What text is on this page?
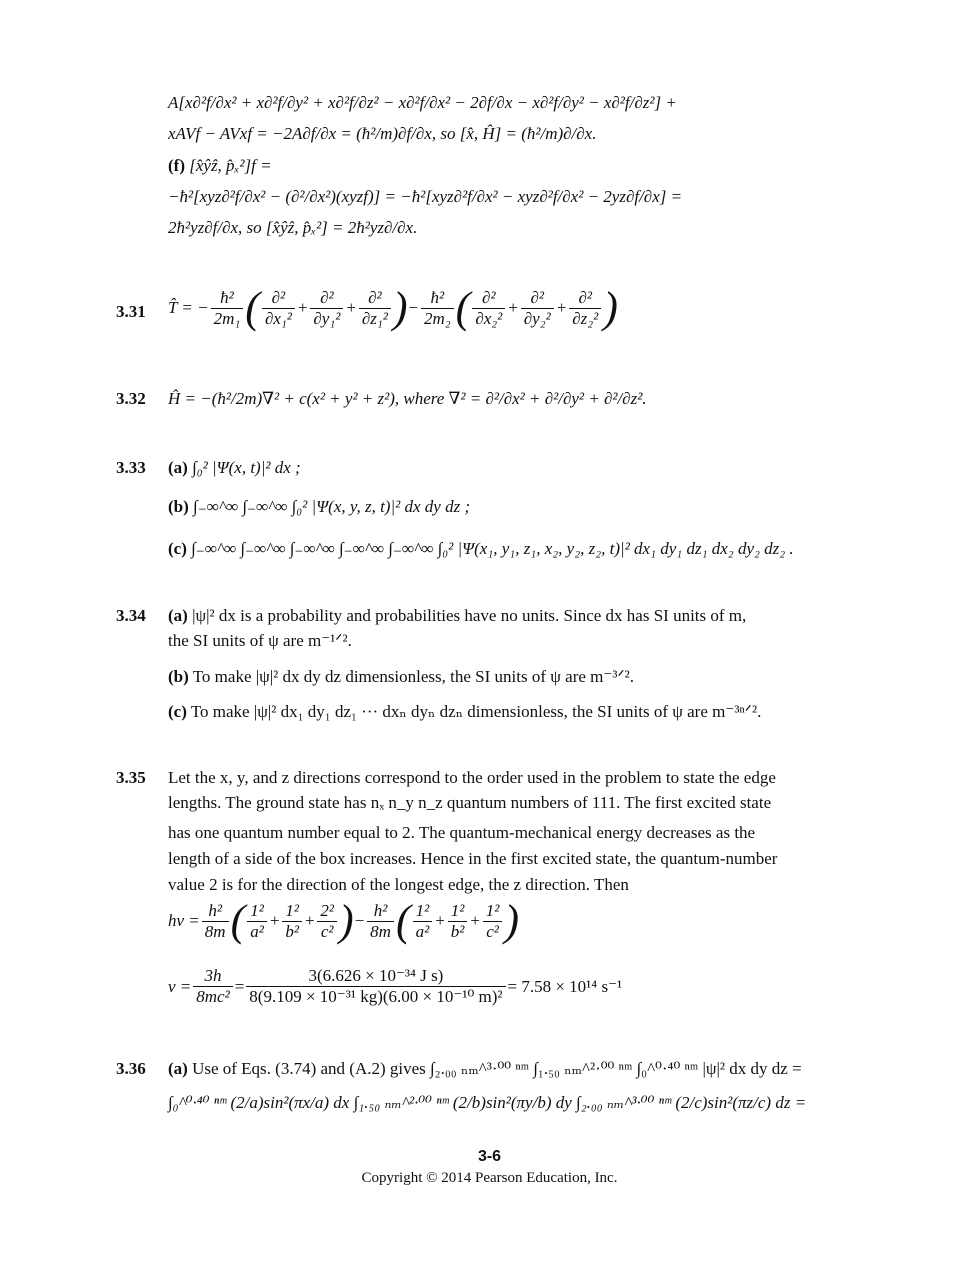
A[x∂²f/∂x² + x∂²f/∂y² + x∂²f/∂z² − x∂²f/∂x² − 2∂f/∂x − x∂²f/∂y² − x∂²f/∂z²] +
xAVf − AVxf = −2A∂f/∂x = (ħ²/m)∂f/∂x, so [x̂, Ĥ] = (ħ²/m)∂/∂x.
(f) [x̂ŷẑ, p̂ₓ²]f =
−ħ²[xyz∂²f/∂x² − (∂²/∂x²)(xyzf)] = −ħ²[xyz∂²f/∂x² − xyz∂²f/∂x² − 2yz∂f/∂x] =
2ħ²yz∂f/∂x, so [x̂ŷẑ, p̂ₓ²] = 2ħ²yz∂/∂x.
3.31 T̂ = − $\frac{\text{ħ²}}{\text{2m₁}}$ ( $\frac{\text{∂²}}{\text{∂x₁²}} + \frac{\text{∂²}}{\text{∂y₁²}} + \frac{\text{∂²}}{\text{∂z₁²}}$ ) − $\frac{\text{ħ²}}{\text{2m₂}}$ ( $\frac{\text{∂²}}{\text{∂x₂²}} + \frac{\text{∂²}}{\text{∂y₂²}} + \frac{\text{∂²}}{\text{∂z₂²}}$ )
3.32 Ĥ = −(ħ²/2m)∇² + c(x² + y² + z²), where ∇² = ∂²/∂x² + ∂²/∂y² + ∂²/∂z².
3.33 (a) ∫₀² |Ψ(x, t)|² dx ;
(b) ∫₋∞^∞ ∫₋∞^∞ ∫₀² |Ψ(x, y, z, t)|² dx dy dz ;
(c) ∫₋∞^∞ ∫₋∞^∞ ∫₋∞^∞ ∫₋∞^∞ ∫₋∞^∞ ∫₀² |Ψ(x₁, y₁, z₁, x₂, y₂, z₂, t)|² dx₁ dy₁ dz₁ dx₂ dy₂ dz₂ .
3.34 (a) |ψ|² dx is a probability and probabilities have no units. Since dx has SI units of m,
the SI units of ψ are m⁻¹ᐟ².
(b) To make |ψ|² dx dy dz dimensionless, the SI units of ψ are m⁻³ᐟ².
(c) To make |ψ|² dx₁ dy₁ dz₁ ··· dxₙ dyₙ dzₙ dimensionless, the SI units of ψ are m⁻³ⁿᐟ².
3.35 Let the x, y, and z directions correspond to the order used in the problem to state the edge
lengths. The ground state has nₓ n_y n_z quantum numbers of 111. The first excited state
has one quantum number equal to 2. The quantum-mechanical energy decreases as the
length of a side of the box increases. Hence in the first excited state, the quantum-number
value 2 is for the direction of the longest edge, the z direction. Then
$h\nu = \frac{\text{h²}}{8m}$ ( $\frac{\text{1²}}{\text{a²}} + \frac{\text{1²}}{\text{b²}} + \frac{\text{2²}}{\text{c²}}$ ) − $\frac{\text{h²}}{8m}$ ( $\frac{\text{1²}}{\text{a²}} + \frac{\text{1²}}{\text{b²}} + \frac{\text{1²}}{\text{c²}}$ )
$\nu = \frac{3h}{\text{8mc²}} = \frac{\text{3(6.626 × 10⁻³⁴ J s)}}{\text{8(9.109 × 10⁻³¹ kg)(6.00 × 10⁻¹⁰ m)²}} = 7.58 \times 10^{14}$ s⁻¹
3.36 (a) Use of Eqs. (3.74) and (A.2) gives ∫₂.₀₀ ₙₘ^³·⁰⁰ ⁿᵐ ∫₁.₅₀ ₙₘ^²·⁰⁰ ⁿᵐ ∫₀^⁰·⁴⁰ ⁿᵐ |ψ|² dx dy dz =
∫₀^⁰·⁴⁰ ⁿᵐ (2/a)sin²(πx/a) dx ∫₁.₅₀ ₙₘ^²·⁰⁰ ⁿᵐ (2/b)sin²(πy/b) dy ∫₂.₀₀ ₙₘ^³·⁰⁰ ⁿᵐ (2/c)sin²(πz/c) dz =
3-6
Copyright © 2014 Pearson Education, Inc.
